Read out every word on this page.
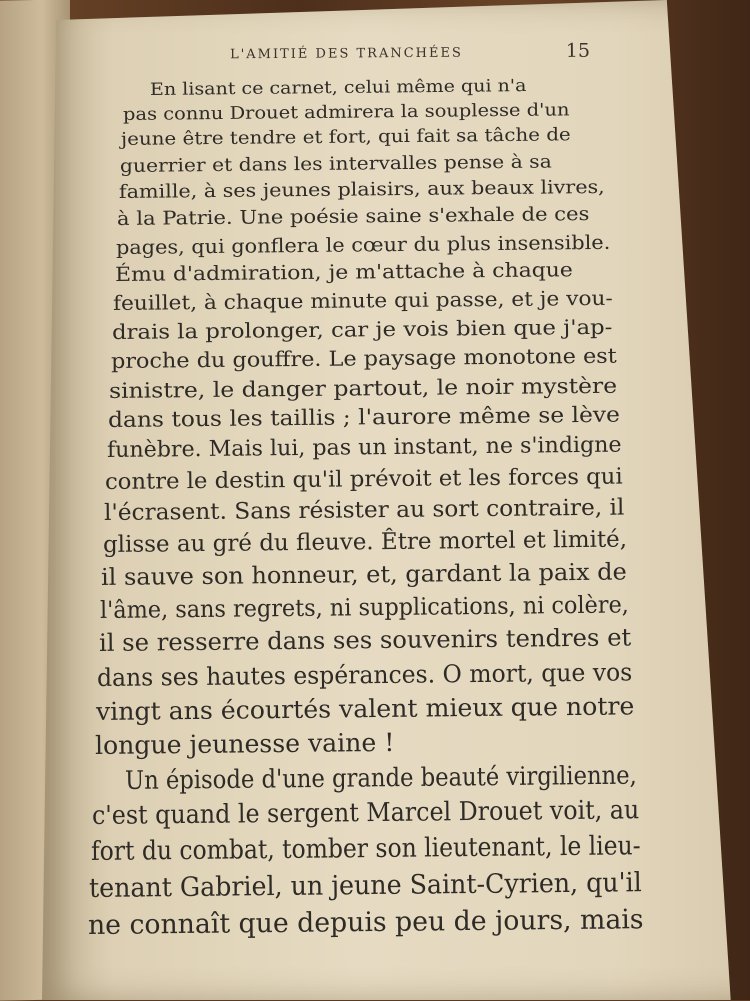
L'AMITIÉ DES TRANCHÉES	15
En lisant ce carnet, celui même qui n'a
pas connu Drouet admirera la souplesse d'un
jeune être tendre et fort, qui fait sa tâche de
guerrier et dans les intervalles pense à sa
famille, à ses jeunes plaisirs, aux beaux livres,
à la Patrie. Une poésie saine s'exhale de ces
pages, qui gonflera le cœur du plus insensible.
Ému d'admiration, je m'attache à chaque
feuillet, à chaque minute qui passe, et je vou-
drais la prolonger, car je vois bien que j'ap-
proche du gouffre. Le paysage monotone est
sinistre, le danger partout, le noir mystère
dans tous les taillis ; l'aurore même se lève
funèbre. Mais lui, pas un instant, ne s'indigne
contre le destin qu'il prévoit et les forces qui
l'écrasent. Sans résister au sort contraire, il
glisse au gré du fleuve. Être mortel et limité,
il sauve son honneur, et, gardant la paix de
l'âme, sans regrets, ni supplications, ni colère,
il se resserre dans ses souvenirs tendres et
dans ses hautes espérances. O mort, que vos
vingt ans écourtés valent mieux que notre
longue jeunesse vaine !
Un épisode d'une grande beauté virgilienne,
c'est quand le sergent Marcel Drouet voit, au
fort du combat, tomber son lieutenant, le lieu-
tenant Gabriel, un jeune Saint-Cyrien, qu'il
ne connaît que depuis peu de jours, mais
